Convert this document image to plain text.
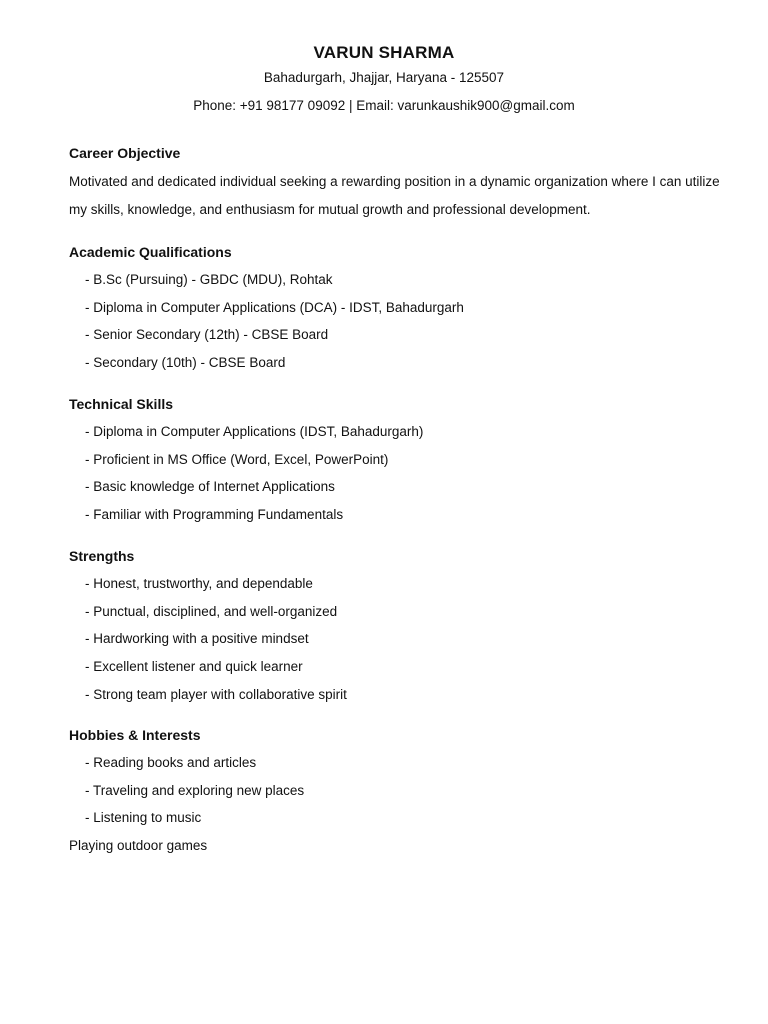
VARUN SHARMA
Bahadurgarh, Jhajjar, Haryana - 125507
Phone: +91 98177 09092 | Email: varunkaushik900@gmail.com
Career Objective
Motivated and dedicated individual seeking a rewarding position in a dynamic organization where I can utilize
my skills, knowledge, and enthusiasm for mutual growth and professional development.
Academic Qualifications
- B.Sc (Pursuing) - GBDC (MDU), Rohtak
- Diploma in Computer Applications (DCA) - IDST, Bahadurgarh
- Senior Secondary (12th) - CBSE Board
- Secondary (10th) - CBSE Board
Technical Skills
- Diploma in Computer Applications (IDST, Bahadurgarh)
- Proficient in MS Office (Word, Excel, PowerPoint)
- Basic knowledge of Internet Applications
- Familiar with Programming Fundamentals
Strengths
- Honest, trustworthy, and dependable
- Punctual, disciplined, and well-organized
- Hardworking with a positive mindset
- Excellent listener and quick learner
- Strong team player with collaborative spirit
Hobbies & Interests
- Reading books and articles
- Traveling and exploring new places
- Listening to music
Playing outdoor games
